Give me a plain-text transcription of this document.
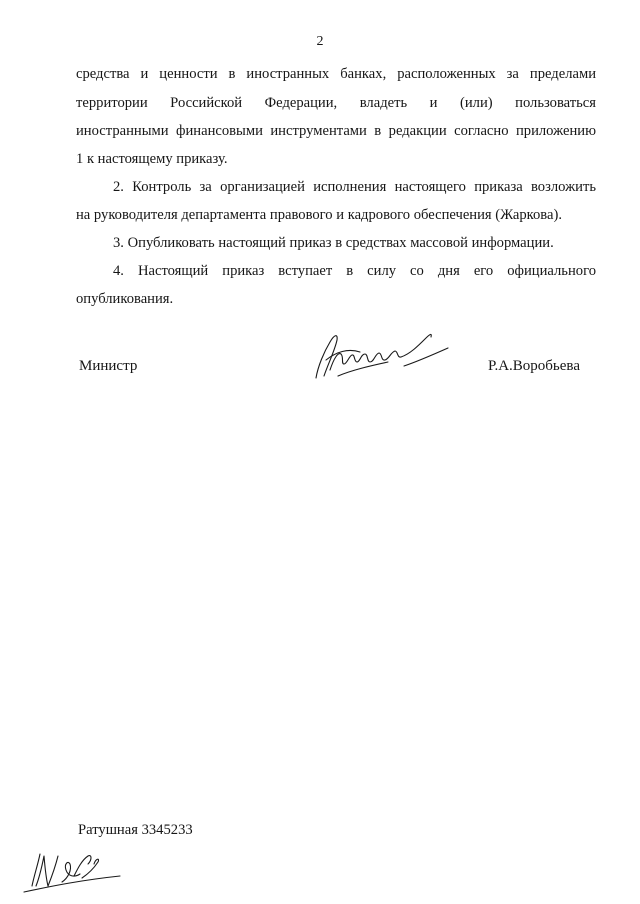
2
средства и ценности в иностранных банках, расположенных за пределами
территории Российской Федерации, владеть и (или) пользоваться
иностранными финансовыми инструментами в редакции согласно приложению
1 к настоящему приказу.
2. Контроль за организацией исполнения настоящего приказа возложить
на руководителя департамента правового и кадрового обеспечения (Жаркова).
3. Опубликовать настоящий приказ в средствах массовой информации.
4. Настоящий приказ вступает в силу со дня его официального
опубликования.
Министр	Р.А.Воробьева
Ратушная 3345233
